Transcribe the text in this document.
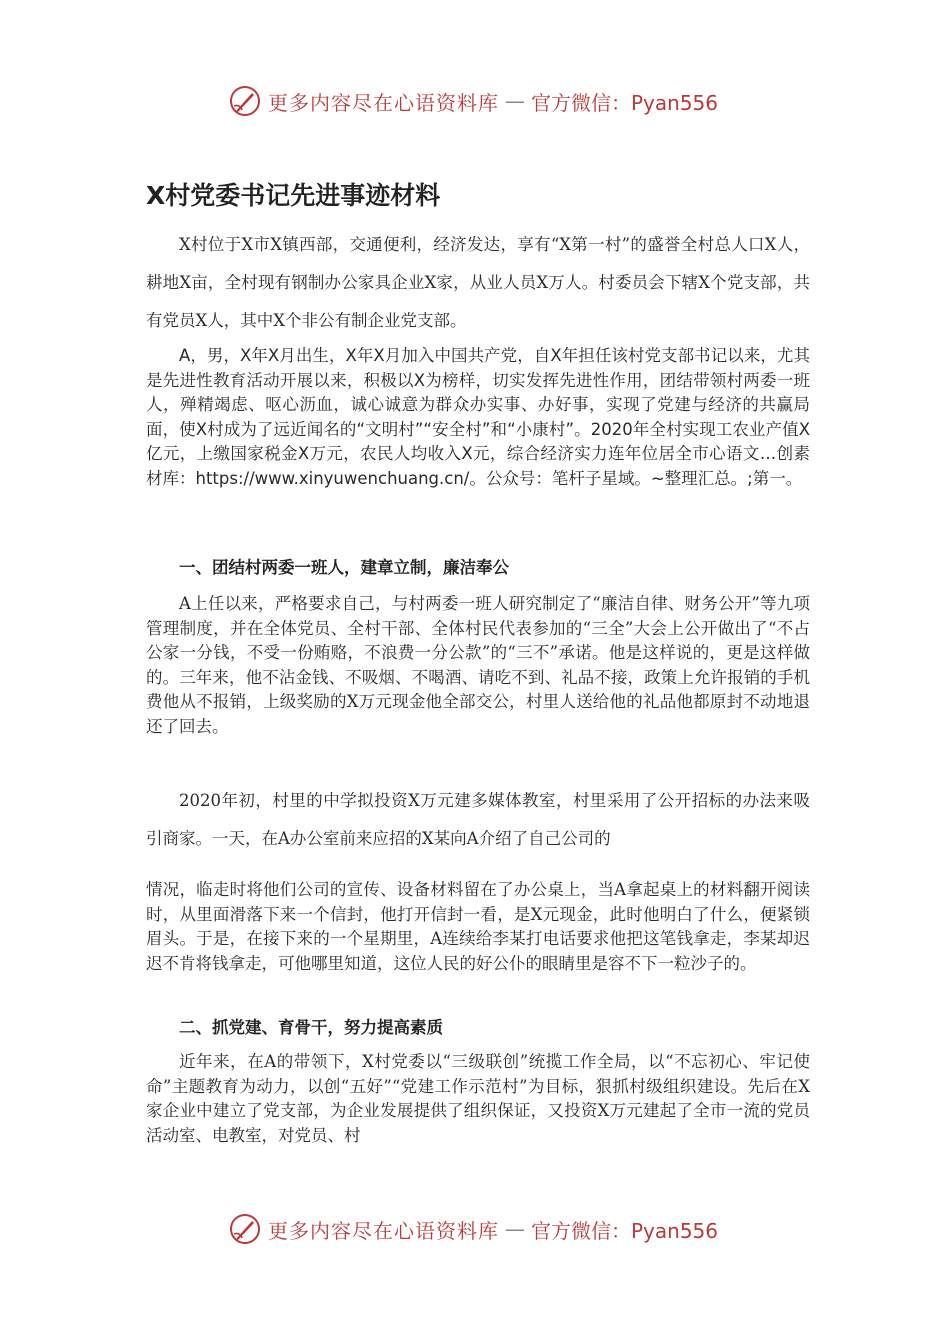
更多内容尽在心语资料库 — 官方微信：Pyan556
X村党委书记先进事迹材料

X村位于X市X镇西部，交通便利，经济发达，享有“X第一村”的盛誉全村总人口X人，耕地X亩，全村现有钢制办公家具企业X家，从业人员X万人。村委员会下辖X个党支部，共有党员X人，其中X个非公有制企业党支部。

A，男，X年X月出生，X年X月加入中国共产党，自X年担任该村党支部书记以来，尤其是先进性教育活动开展以来，积极以X为榜样，切实发挥先进性作用，团结带领村两委一班人，殚精竭虑、呕心沥血，诚心诚意为群众办实事、办好事，实现了党建与经济的共赢局面，使X村成为了远近闻名的“文明村”“安全村”和“小康村”。2020年全村实现工农业产值X亿元，上缴国家税金X万元，农民人均收入X元，综合经济实力连年位居全市心语文…创素材库：https://www.xinyuwenchuang.cn/。公众号：笔杆子星域。~整理汇总。;第一。

一、团结村两委一班人，建章立制，廉洁奉公

A上任以来，严格要求自己，与村两委一班人研究制定了“廉洁自律、财务公开”等九项管理制度，并在全体党员、全村干部、全体村民代表参加的“三全”大会上公开做出了“不占公家一分钱，不受一份贿赂，不浪费一分公款”的“三不”承诺。他是这样说的，更是这样做的。三年来，他不沾金钱、不吸烟、不喝酒、请吃不到、礼品不接，政策上允许报销的手机费他从不报销，上级奖励的X万元现金他全部交公，村里人送给他的礼品他都原封不动地退还了回去。

2020年初，村里的中学拟投资X万元建多媒体教室，村里采用了公开招标的办法来吸引商家。一天，在A办公室前来应招的X某向A介绍了自己公司的

情况，临走时将他们公司的宣传、设备材料留在了办公桌上，当A拿起桌上的材料翻开阅读时，从里面滑落下来一个信封，他打开信封一看，是X元现金，此时他明白了什么，便紧锁眉头。于是，在接下来的一个星期里，A连续给李某打电话要求他把这笔钱拿走，李某却迟迟不肯将钱拿走，可他哪里知道，这位人民的好公仆的眼睛里是容不下一粒沙子的。

二、抓党建、育骨干，努力提高素质

近年来，在A的带领下，X村党委以“三级联创”统揽工作全局，以“不忘初心、牢记使命”主题教育为动力，以创“五好”“党建工作示范村”为目标，狠抓村级组织建设。先后在X家企业中建立了党支部，为企业发展提供了组织保证，又投资X万元建起了全市一流的党员活动室、电教室，对党员、村

更多内容尽在心语资料库 — 官方微信：Pyan556
